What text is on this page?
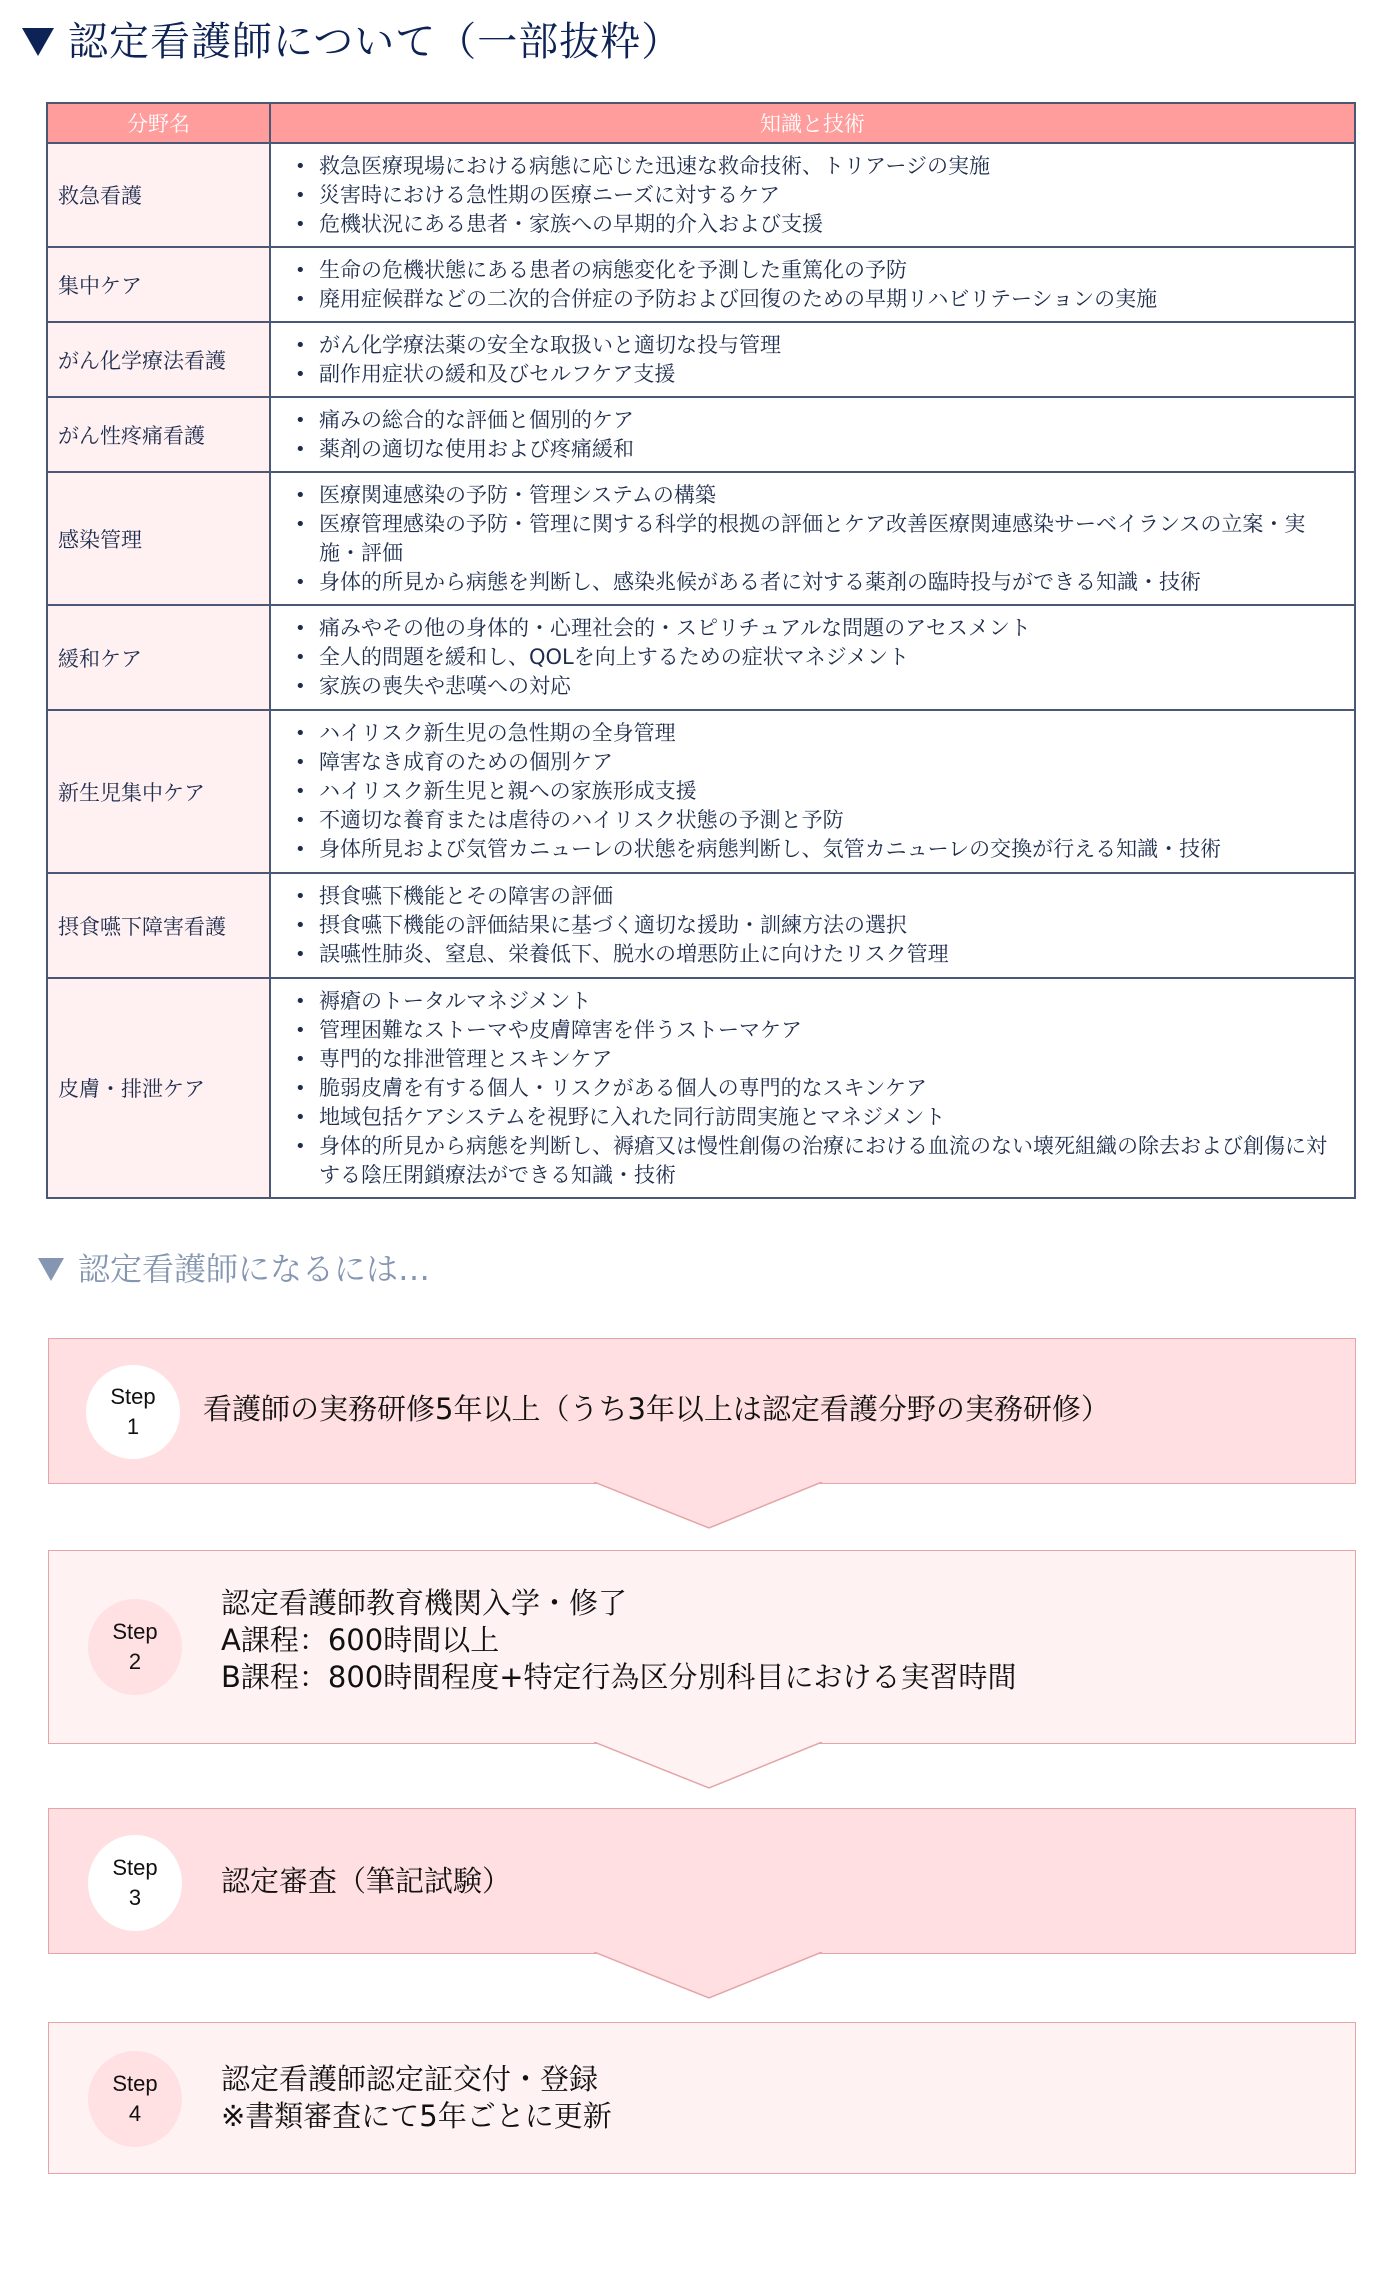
認定看護師について（一部抜粋）
分野名	知識と技術
救急看護	
• 救急医療現場における病態に応じた迅速な救命技術、トリアージの実施
• 災害時における急性期の医療ニーズに対するケア
• 危機状況にある患者・家族への早期的介入および支援

集中ケア	
• 生命の危機状態にある患者の病態変化を予測した重篤化の予防
• 廃用症候群などの二次的合併症の予防および回復のための早期リハビリテーションの実施

がん化学療法看護	
• がん化学療法薬の安全な取扱いと適切な投与管理
• 副作用症状の緩和及びセルフケア支援

がん性疼痛看護	
• 痛みの総合的な評価と個別的ケア
• 薬剤の適切な使用および疼痛緩和

感染管理	
• 医療関連感染の予防・管理システムの構築
• 医療管理感染の予防・管理に関する科学的根拠の評価とケア改善医療関連感染サーベイランスの立案・実施・評価
• 身体的所見から病態を判断し、感染兆候がある者に対する薬剤の臨時投与ができる知識・技術

緩和ケア	
• 痛みやその他の身体的・心理社会的・スピリチュアルな問題のアセスメント
• 全人的問題を緩和し、QOLを向上するための症状マネジメント
• 家族の喪失や悲嘆への対応

新生児集中ケア	
• ハイリスク新生児の急性期の全身管理
• 障害なき成育のための個別ケア
• ハイリスク新生児と親への家族形成支援
• 不適切な養育または虐待のハイリスク状態の予測と予防
• 身体所見および気管カニューレの状態を病態判断し、気管カニューレの交換が行える知識・技術

摂食嚥下障害看護	
• 摂食嚥下機能とその障害の評価
• 摂食嚥下機能の評価結果に基づく適切な援助・訓練方法の選択
• 誤嚥性肺炎、窒息、栄養低下、脱水の増悪防止に向けたリスク管理

皮膚・排泄ケア	
• 褥瘡のトータルマネジメント
• 管理困難なストーマや皮膚障害を伴うストーマケア
• 専門的な排泄管理とスキンケア
• 脆弱皮膚を有する個人・リスクがある個人の専門的なスキンケア
• 地域包括ケアシステムを視野に入れた同行訪問実施とマネジメント
• 身体的所見から病態を判断し、褥瘡又は慢性創傷の治療における血流のない壊死組織の除去および創傷に対する陰圧閉鎖療法ができる知識・技術
認定看護師になるには…
Step
1
看護師の実務研修5年以上（うち3年以上は認定看護分野の実務研修）
Step
2
認定看護師教育機関入学・修了
A課程：600時間以上
B課程：800時間程度+特定行為区分別科目における実習時間
Step
3	認定審査（筆記試験）
Step
4
認定看護師認定証交付・登録
※書類審査にて5年ごとに更新
